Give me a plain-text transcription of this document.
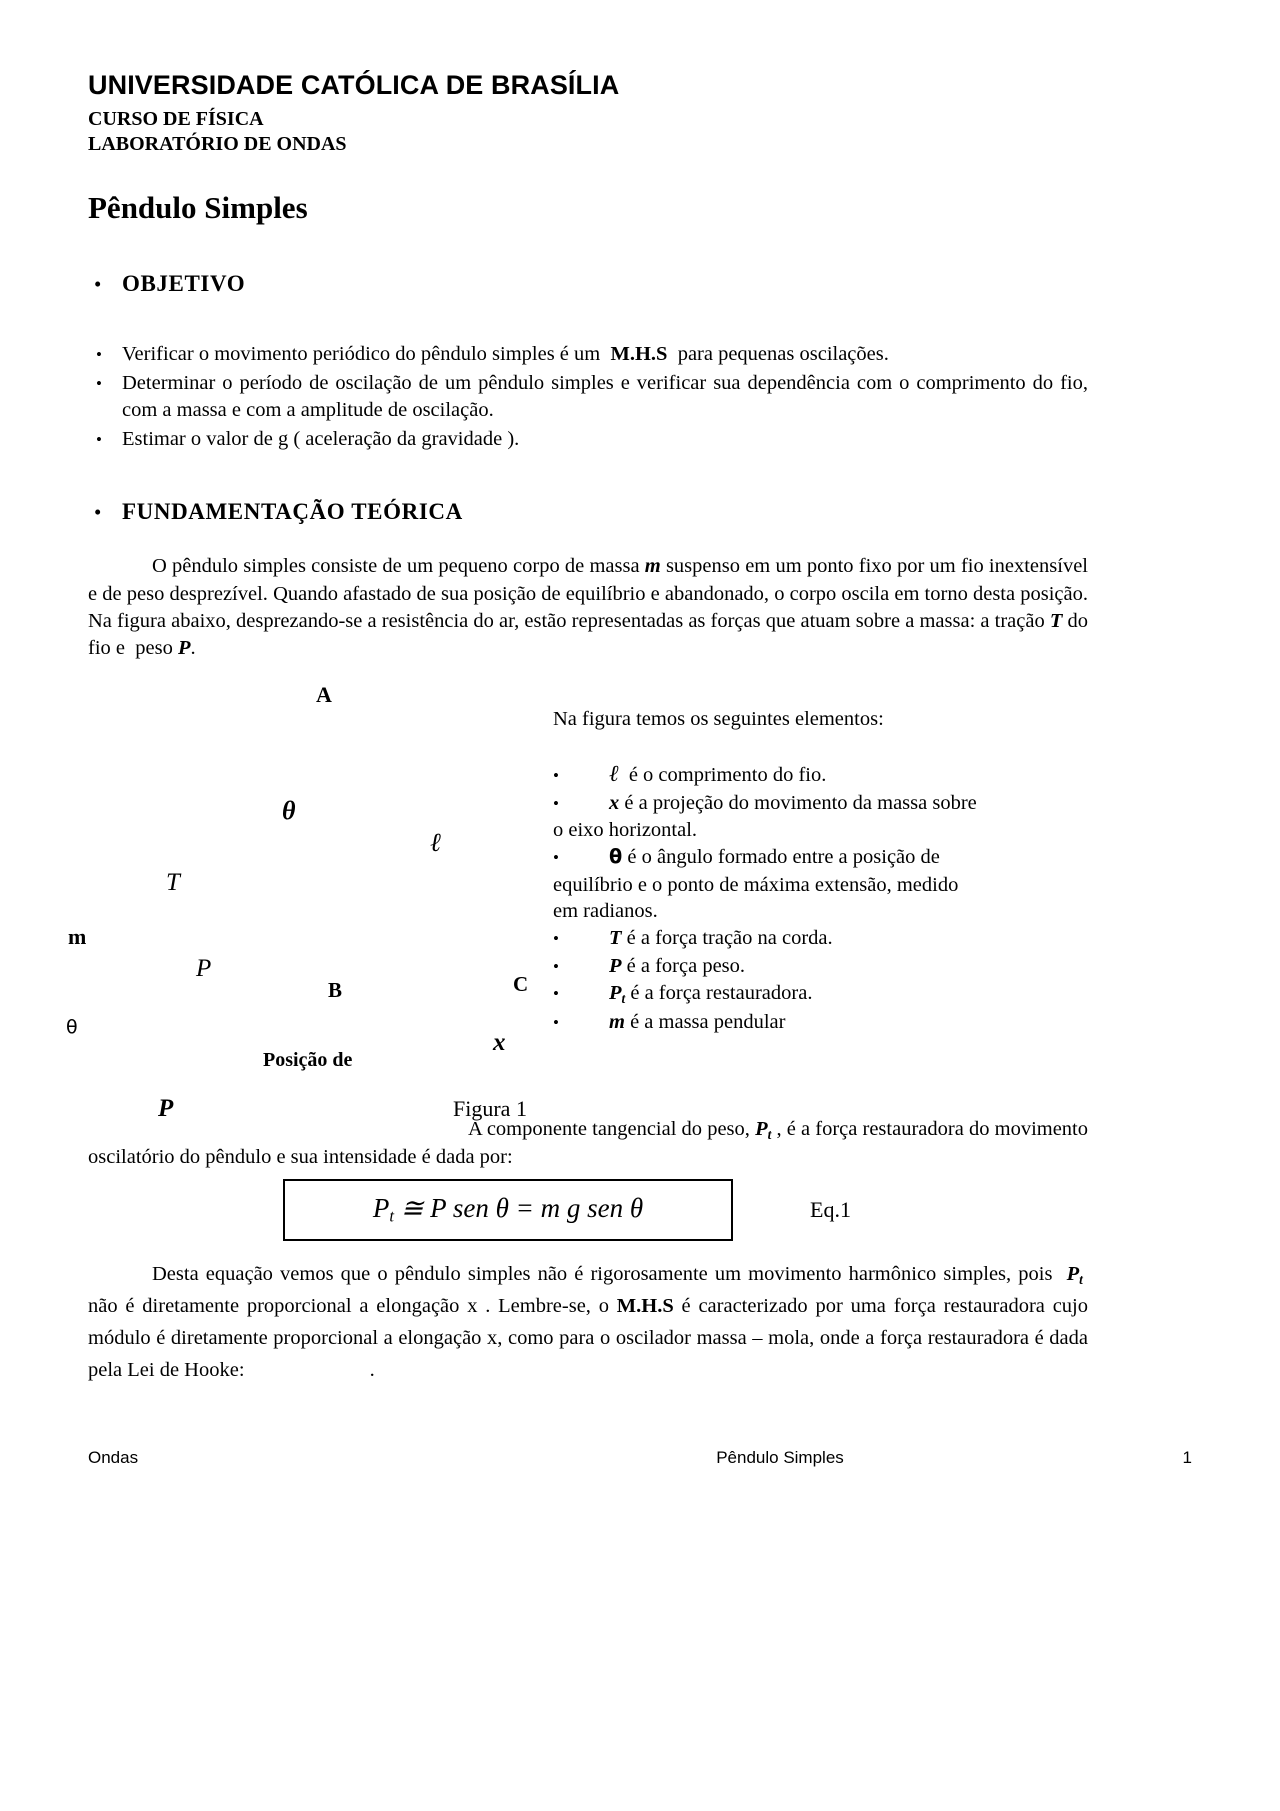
UNIVERSIDADE CATÓLICA DE BRASÍLIA
CURSO DE FÍSICA
LABORATÓRIO DE ONDAS
Pêndulo Simples
• OBJETIVO
• Verificar o movimento periódico do pêndulo simples é um  M.H.S  para pequenas oscilações.
• Determinar o período de oscilação de um pêndulo simples e verificar sua dependência com o comprimento do fio, com a massa e com a amplitude de oscilação.
• Estimar o valor de g ( aceleração da gravidade ).
• FUNDAMENTAÇÃO TEÓRICA

O pêndulo simples consiste de um pequeno corpo de massa m suspenso em um ponto fixo por um fio inextensível e de peso desprezível. Quando afastado de sua posição de equilíbrio e abandonado, o corpo oscila em torno desta posição. Na figura abaixo, desprezando-se a resistência do ar, estão representadas as forças que atuam sobre a massa: a tração T do fio e  peso P.

A
θ
ℓ
T
m
P
B	C
θ
x
Posição de
P	Figura 1

Na figura temos os seguintes elementos:

•	ℓ  é o comprimento do fio.
•	x é a projeção do movimento da massa sobre

o eixo horizontal.

•	θ é o ângulo formado entre a posição de

equilíbrio e o ponto de máxima extensão, medido

em radianos.

•	T é a força tração na corda.
•	P é a força peso.
•	$P_t$ é a força restauradora.
•	m é a massa pendular

A componente tangencial do peso, $P_t$ , é a força restauradora do movimento oscilatório do pêndulo e sua intensidade é dada por:

$P_t$ ≅ P sen θ = m g sen θ	Eq.1

Desta equação vemos que o pêndulo simples não é rigorosamente um movimento harmônico simples, pois  $P_t$  não é diretamente proporcional a elongação x . Lembre-se, o M.H.S é caracterizado por uma força restauradora cujo módulo é diretamente proporcional a elongação x, como para o oscilador massa – mola, onde a força restauradora é dada pela Lei de Hooke:	.

Ondas	Pêndulo Simples	1
